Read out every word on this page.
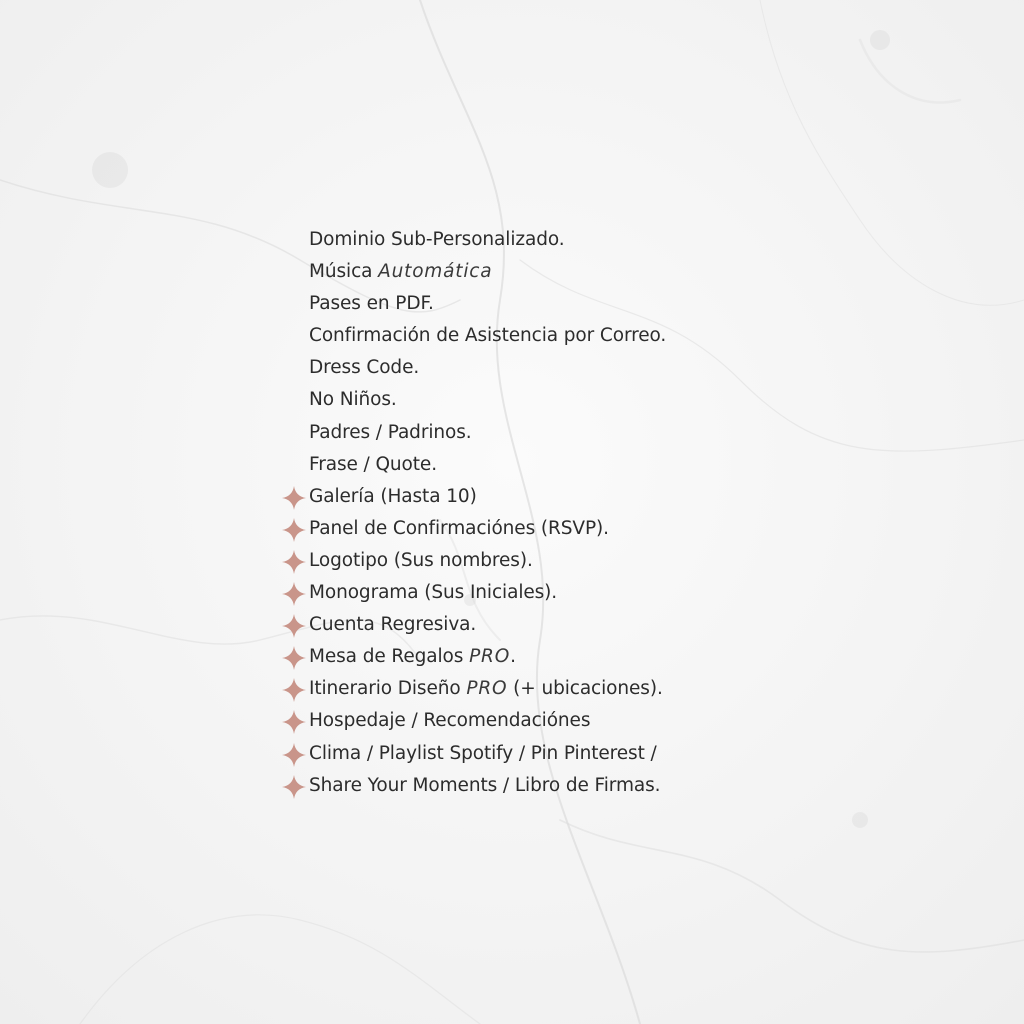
Dominio Sub-Personalizado.
Música Automática
Pases en PDF.
Confirmación de Asistencia por Correo.
Dress Code.
No Niños.
Padres / Padrinos.
Frase / Quote.
Galería (Hasta 10)
Panel de Confirmaciónes (RSVP).
Logotipo (Sus nombres).
Monograma (Sus Iniciales).
Cuenta Regresiva.
Mesa de Regalos PRO.
Itinerario Diseño PRO (+ ubicaciones).
Hospedaje / Recomendaciónes
Clima / Playlist Spotify / Pin Pinterest /
Share Your Moments / Libro de Firmas.
